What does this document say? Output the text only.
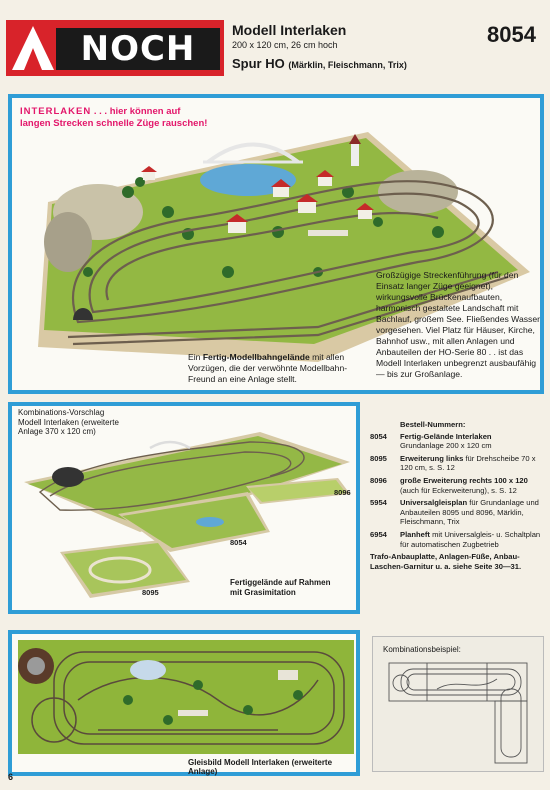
NOCH	Modell Interlaken
200 x 120 cm, 26 cm hoch
Spur HO (Märklin, Fleischmann, Trix)
8054
INTERLAKEN . . . hier können auf
langen Strecken schnelle Züge rauschen!
Großzügige Streckenführung (für den Einsatz langer Züge geeignet), wirkungsvolle Brückenaufbauten, harmonisch gestaltete Landschaft mit Bachlauf, großem See. Fließendes Wasser vorgesehen. Viel Platz für Häuser, Kirche, Bahnhof usw., mit allen Anlagen und Anbauteilen der HO-Serie 80 . . ist das Modell Interlaken unbegrenzt ausbaufähig — bis zur Großanlage.
Ein Fertig-Modellbahngelände mit allen Vorzügen, die der verwöhnte Modellbahn-Freund an eine Anlage stellt.
Kombinations-Vorschlag Modell Interlaken (erweiterte Anlage 370 x 120 cm)
8096
8054
8095
Fertiggelände auf Rahmen
mit Grasimitation
Bestell-Nummern:
8054	Fertig-Gelände Interlaken
Grundanlage 200 x 120 cm
8095	Erweiterung links für Drehscheibe 70 x 120 cm, s. S. 12
8096	große Erweiterung rechts 100 x 120 (auch für Eckerweiterung), s. S. 12
5954	Universalgleisplan für Grundanlage und Anbauteilen 8095 und 8096, Märklin, Fleischmann, Trix
6954	Planheft mit Universalgleis- u. Schaltplan für automatischen Zugbetrieb
Trafo-Anbauplatte, Anlagen-Füße, Anbau-Laschen-Garnitur u. a. siehe Seite 30—31.
Gleisbild Modell Interlaken (erweiterte Anlage)
Kombinationsbeispiel:
6
